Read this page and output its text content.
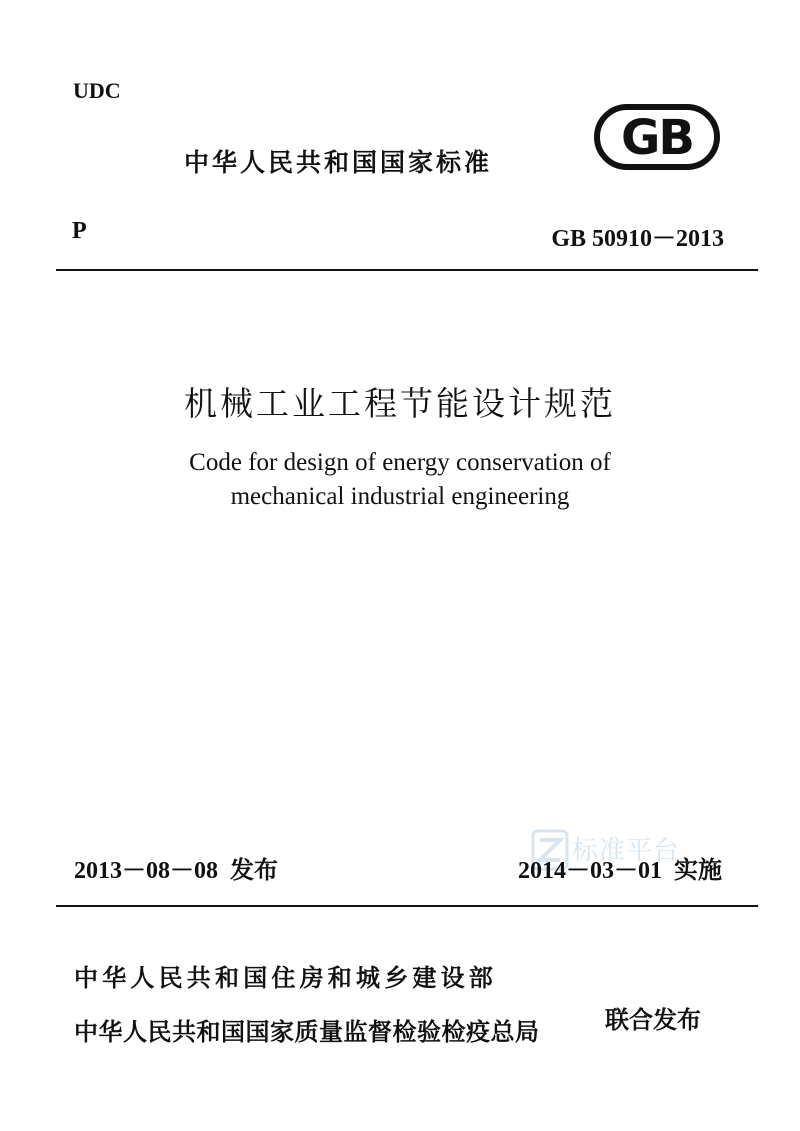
UDC
中华人民共和国国家标准	GB
P	GB 50910－2013
机械工业工程节能设计规范
Code for design of energy conservation of
mechanical industrial engineering
标准平台
2013－08－08 发布	2014－03－01 实施
中华人民共和国住房和城乡建设部
中华人民共和国国家质量监督检验检疫总局	联合发布
